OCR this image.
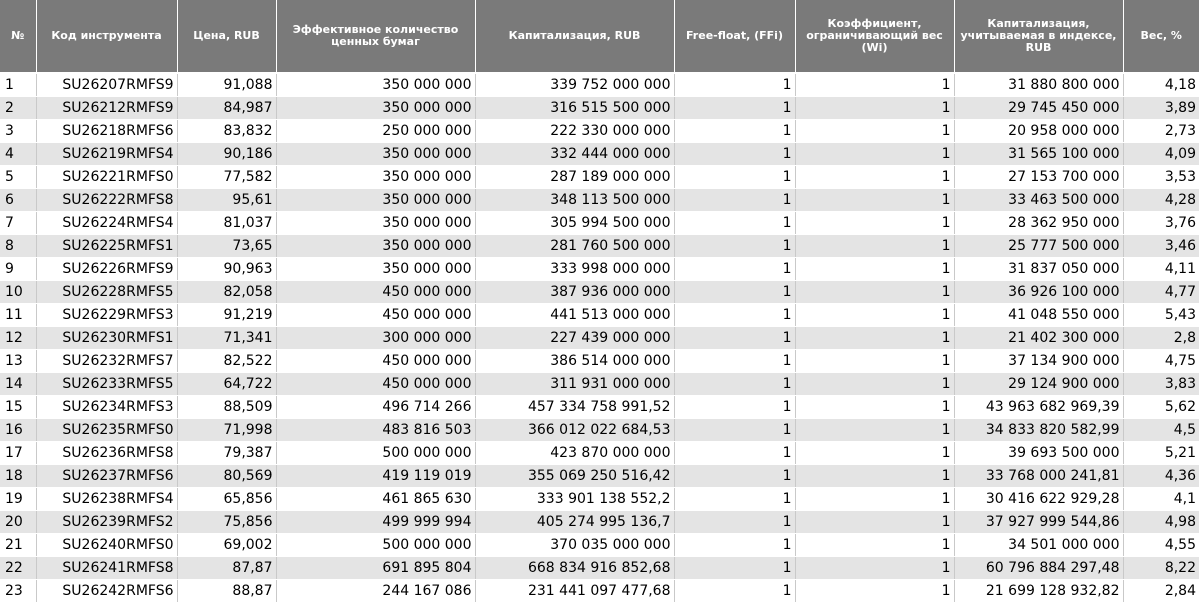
№	Код инструмента	Цена, RUB	Эффективное количество ценных бумаг	Капитализация, RUB	Free-float, (FFi)	Коэффициент, ограничивающий вес (Wi)	Капитализация, учитываемая в индексе, RUB	Вес, %
1	SU26207RMFS9	91,088	350 000 000	339 752 000 000	1	1	31 880 800 000	4,18
2	SU26212RMFS9	84,987	350 000 000	316 515 500 000	1	1	29 745 450 000	3,89
3	SU26218RMFS6	83,832	250 000 000	222 330 000 000	1	1	20 958 000 000	2,73
4	SU26219RMFS4	90,186	350 000 000	332 444 000 000	1	1	31 565 100 000	4,09
5	SU26221RMFS0	77,582	350 000 000	287 189 000 000	1	1	27 153 700 000	3,53
6	SU26222RMFS8	95,61	350 000 000	348 113 500 000	1	1	33 463 500 000	4,28
7	SU26224RMFS4	81,037	350 000 000	305 994 500 000	1	1	28 362 950 000	3,76
8	SU26225RMFS1	73,65	350 000 000	281 760 500 000	1	1	25 777 500 000	3,46
9	SU26226RMFS9	90,963	350 000 000	333 998 000 000	1	1	31 837 050 000	4,11
10	SU26228RMFS5	82,058	450 000 000	387 936 000 000	1	1	36 926 100 000	4,77
11	SU26229RMFS3	91,219	450 000 000	441 513 000 000	1	1	41 048 550 000	5,43
12	SU26230RMFS1	71,341	300 000 000	227 439 000 000	1	1	21 402 300 000	2,8
13	SU26232RMFS7	82,522	450 000 000	386 514 000 000	1	1	37 134 900 000	4,75
14	SU26233RMFS5	64,722	450 000 000	311 931 000 000	1	1	29 124 900 000	3,83
15	SU26234RMFS3	88,509	496 714 266	457 334 758 991,52	1	1	43 963 682 969,39	5,62
16	SU26235RMFS0	71,998	483 816 503	366 012 022 684,53	1	1	34 833 820 582,99	4,5
17	SU26236RMFS8	79,387	500 000 000	423 870 000 000	1	1	39 693 500 000	5,21
18	SU26237RMFS6	80,569	419 119 019	355 069 250 516,42	1	1	33 768 000 241,81	4,36
19	SU26238RMFS4	65,856	461 865 630	333 901 138 552,2	1	1	30 416 622 929,28	4,1
20	SU26239RMFS2	75,856	499 999 994	405 274 995 136,7	1	1	37 927 999 544,86	4,98
21	SU26240RMFS0	69,002	500 000 000	370 035 000 000	1	1	34 501 000 000	4,55
22	SU26241RMFS8	87,87	691 895 804	668 834 916 852,68	1	1	60 796 884 297,48	8,22
23	SU26242RMFS6	88,87	244 167 086	231 441 097 477,68	1	1	21 699 128 932,82	2,84
